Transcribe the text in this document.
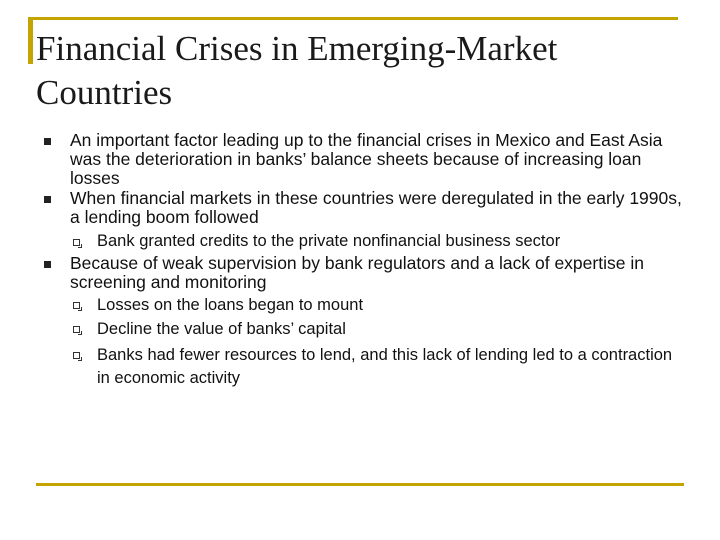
Financial Crises in Emerging-Market Countries
An important factor leading up to the financial crises in Mexico and East Asia was the deterioration in banks’ balance sheets because of increasing loan losses
When financial markets in these countries were deregulated in the early 1990s, a lending boom followed
Bank granted credits to the private nonfinancial business sector
Because of weak supervision by bank regulators and a lack of expertise in screening and monitoring
Losses on the loans began to mount
Decline the value of banks’ capital
Banks had fewer resources to lend, and this lack of lending led to a contraction in economic activity
